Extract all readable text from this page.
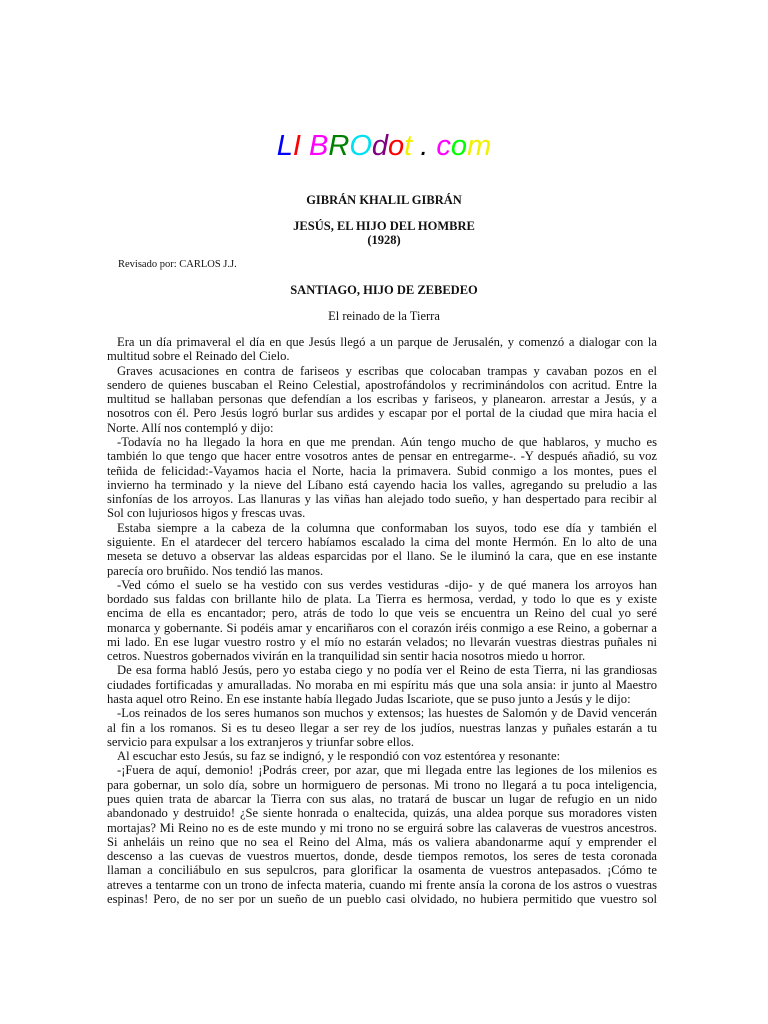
LI BROdot . com
GIBRÁN KHALIL GIBRÁN
JESÚS, EL HIJO DEL HOMBRE
(1928)
Revisado por: CARLOS J.J.
SANTIAGO, HIJO DE ZEBEDEO
El reinado de la Tierra
Era un día primaveral el día en que Jesús llegó a un parque de Jerusalén, y comenzó a dialogar con la
multitud sobre el Reinado del Cielo.
Graves acusaciones en contra de fariseos y escribas que colocaban trampas y cavaban pozos en el
sendero de quienes buscaban el Reino Celestial, apostrofándolos y recriminándolos con acritud. Entre la
multitud se hallaban personas que defendían a los escribas y fariseos, y planearon. arrestar a Jesús, y a
nosotros con él. Pero Jesús logró burlar sus ardides y escapar por el portal de la ciudad que mira hacia el
Norte. Allí nos contempló y dijo:
-Todavía no ha llegado la hora en que me prendan. Aún tengo mucho de que hablaros, y mucho es
también lo que tengo que hacer entre vosotros antes de pensar en entregarme-. -Y después añadió, su voz
teñida de felicidad:-Vayamos hacia el Norte, hacia la primavera. Subid conmigo a los montes, pues el
invierno ha terminado y la nieve del Líbano está cayendo hacia los valles, agregando su preludio a las
sinfonías de los arroyos. Las llanuras y las viñas han alejado todo sueño, y han despertado para recibir al
Sol con lujuriosos higos y frescas uvas.
Estaba siempre a la cabeza de la columna que conformaban los suyos, todo ese día y también el
siguiente. En el atardecer del tercero habíamos escalado la cima del monte Hermón. En lo alto de una
meseta se detuvo a observar las aldeas esparcidas por el llano. Se le iluminó la cara, que en ese instante
parecía oro bruñido. Nos tendió las manos.
-Ved cómo el suelo se ha vestido con sus verdes vestiduras -dijo- y de qué manera los arroyos han
bordado sus faldas con brillante hilo de plata. La Tierra es hermosa, verdad, y todo lo que es y existe
encima de ella es encantador; pero, atrás de todo lo que veis se encuentra un Reino del cual yo seré
monarca y gobernante. Si podéis amar y encariñaros con el corazón iréis conmigo a ese Reino, a gobernar a
mi lado. En ese lugar vuestro rostro y el mío no estarán velados; no llevarán vuestras diestras puñales ni
cetros. Nuestros gobernados vivirán en la tranquilidad sin sentir hacia nosotros miedo u horror.
De esa forma habló Jesús, pero yo estaba ciego y no podía ver el Reino de esta Tierra, ni las grandiosas
ciudades fortificadas y amuralladas. No moraba en mi espíritu más que una sola ansia: ir junto al Maestro
hasta aquel otro Reino. En ese instante había llegado Judas Iscariote, que se puso junto a Jesús y le dijo:
-Los reinados de los seres humanos son muchos y extensos; las huestes de Salomón y de David vencerán
al fin a los romanos. Si es tu deseo llegar a ser rey de los judíos, nuestras lanzas y puñales estarán a tu
servicio para expulsar a los extranjeros y triunfar sobre ellos.
Al escuchar esto Jesús, su faz se indignó, y le respondió con voz estentórea y resonante:
-¡Fuera de aquí, demonio! ¡Podrás creer, por azar, que mi llegada entre las legiones de los milenios es
para gobernar, un solo día, sobre un hormiguero de personas. Mi trono no llegará a tu poca inteligencia,
pues quien trata de abarcar la Tierra con sus alas, no tratará de buscar un lugar de refugio en un nido
abandonado y destruido! ¿Se siente honrada o enaltecida, quizás, una aldea porque sus moradores visten
mortajas? Mi Reino no es de este mundo y mi trono no se erguirá sobre las calaveras de vuestros ancestros.
Si anheláis un reino que no sea el Reino del Alma, más os valiera abandonarme aquí y emprender el
descenso a las cuevas de vuestros muertos, donde, desde tiempos remotos, los seres de testa coronada
llaman a conciliábulo en sus sepulcros, para glorificar la osamenta de vuestros antepasados. ¡Cómo te
atreves a tentarme con un trono de infecta materia, cuando mi frente ansía la corona de los astros o vuestras
espinas! Pero, de no ser por un sueño de un pueblo casi olvidado, no hubiera permitido que vuestro sol
